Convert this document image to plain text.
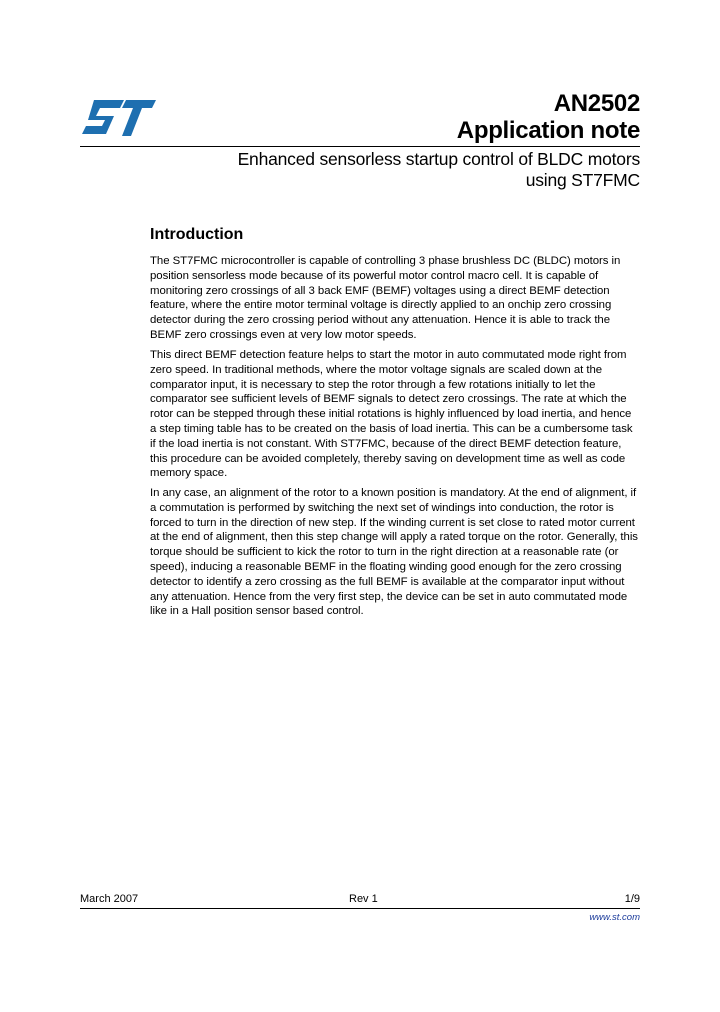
AN2502
Application note
Enhanced sensorless startup control of BLDC motors
using ST7FMC
Introduction

The ST7FMC microcontroller is capable of controlling 3 phase brushless DC (BLDC) motors in position sensorless mode because of its powerful motor control macro cell. It is capable of monitoring zero crossings of all 3 back EMF (BEMF) voltages using a direct BEMF detection feature, where the entire motor terminal voltage is directly applied to an onchip zero crossing detector during the zero crossing period without any attenuation. Hence it is able to track the BEMF zero crossings even at very low motor speeds.

This direct BEMF detection feature helps to start the motor in auto commutated mode right from zero speed. In traditional methods, where the motor voltage signals are scaled down at the comparator input, it is necessary to step the rotor through a few rotations initially to let the comparator see sufficient levels of BEMF signals to detect zero crossings. The rate at which the rotor can be stepped through these initial rotations is highly influenced by load inertia, and hence a step timing table has to be created on the basis of load inertia. This can be a cumbersome task if the load inertia is not constant. With ST7FMC, because of the direct BEMF detection feature, this procedure can be avoided completely, thereby saving on development time as well as code memory space.

In any case, an alignment of the rotor to a known position is mandatory. At the end of alignment, if a commutation is performed by switching the next set of windings into conduction, the rotor is forced to turn in the direction of new step. If the winding current is set close to rated motor current at the end of alignment, then this step change will apply a rated torque on the rotor. Generally, this torque should be sufficient to kick the rotor to turn in the right direction at a reasonable rate (or speed), inducing a reasonable BEMF in the floating winding good enough for the zero crossing detector to identify a zero crossing as the full BEMF is available at the comparator input without any attenuation. Hence from the very first step, the device can be set in auto commutated mode like in a Hall position sensor based control.

March 2007	Rev 1	1/9
www.st.com
